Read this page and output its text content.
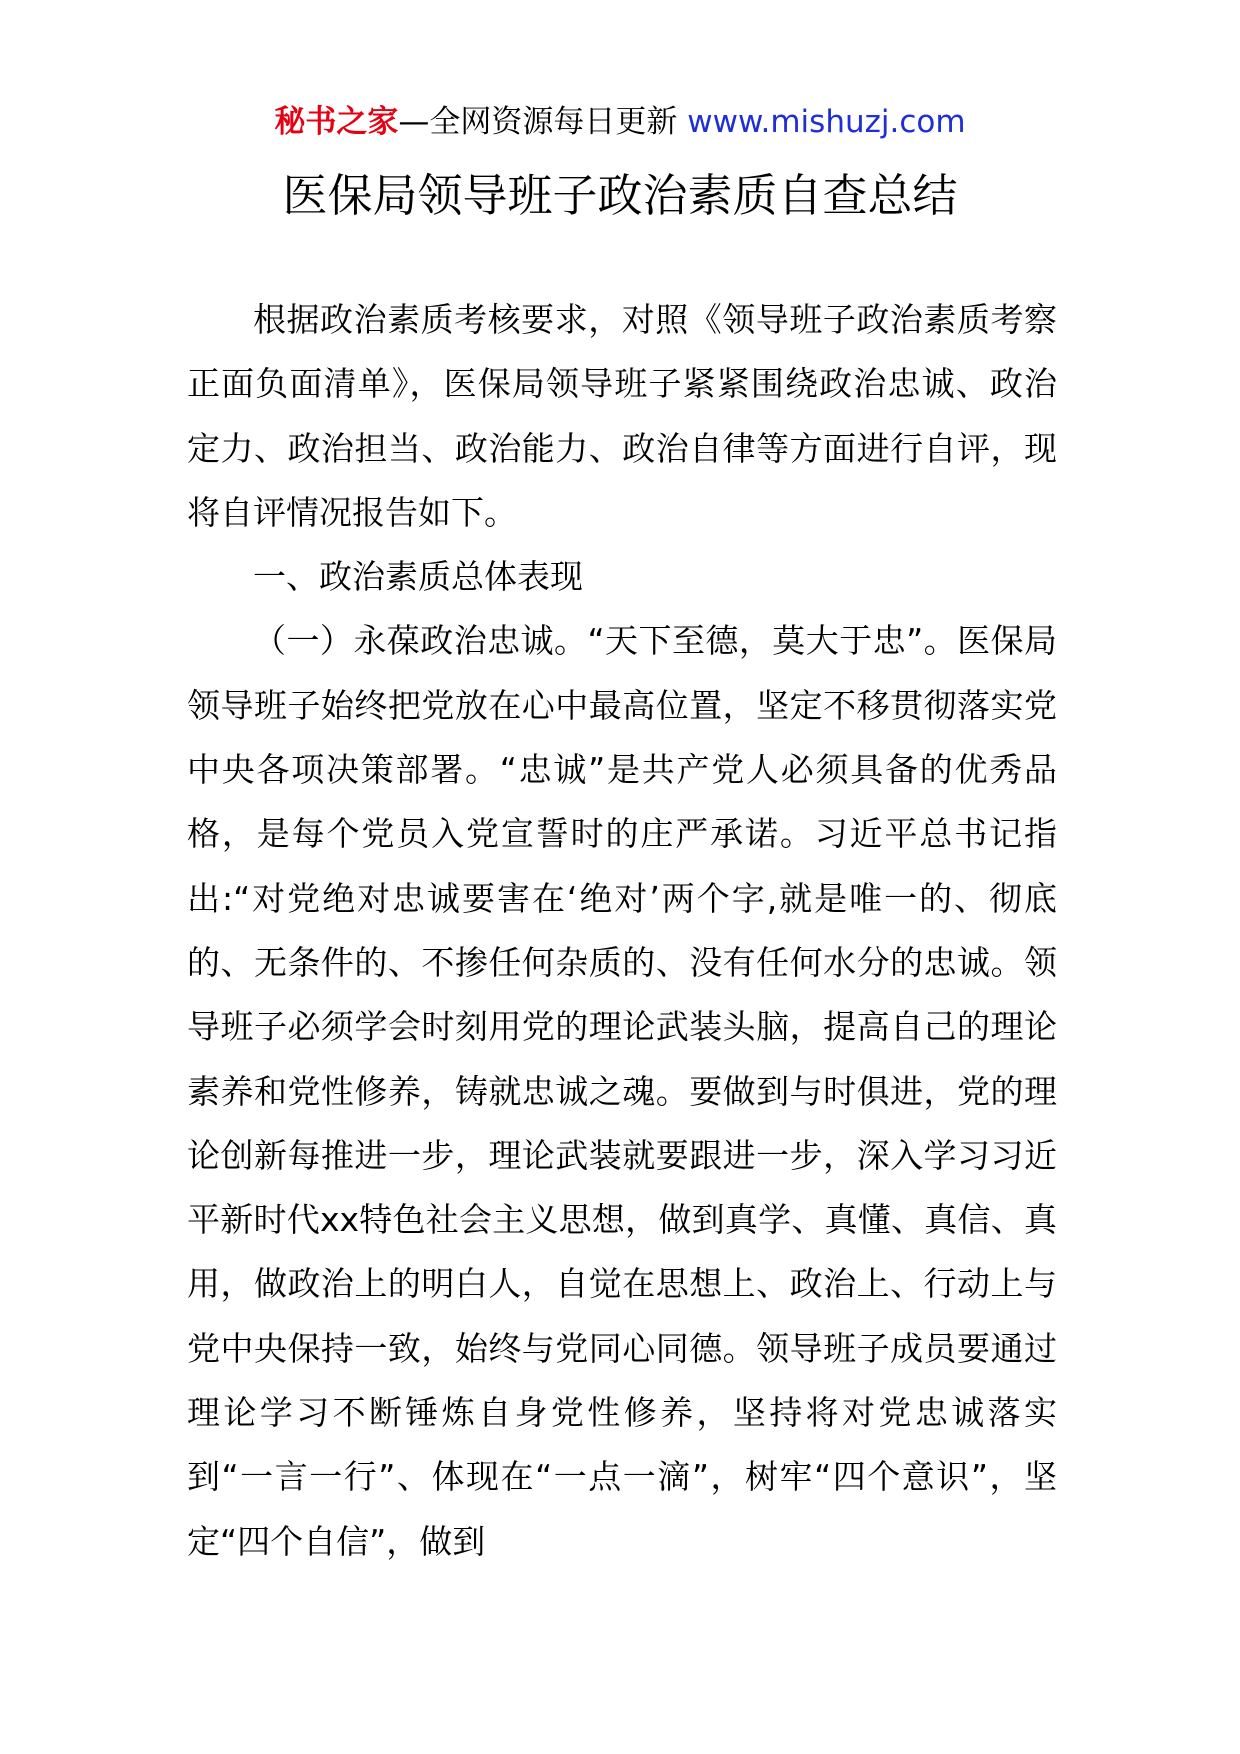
秘书之家—全网资源每日更新 www.mishuzj.com
医保局领导班子政治素质自查总结

根据政治素质考核要求，对照《领导班子政治素质考察正面负面清单》，医保局领导班子紧紧围绕政治忠诚、政治定力、政治担当、政治能力、政治自律等方面进行自评，现将自评情况报告如下。

一、政治素质总体表现

（一）永葆政治忠诚。“天下至德，莫大于忠”。医保局领导班子始终把党放在心中最高位置，坚定不移贯彻落实党中央各项决策部署。“忠诚”是共产党人必须具备的优秀品格，是每个党员入党宣誓时的庄严承诺。习近平总书记指出:“对党绝对忠诚要害在‘绝对’两个字,就是唯一的、彻底的、无条件的、不掺任何杂质的、没有任何水分的忠诚。领导班子必须学会时刻用党的理论武装头脑，提高自己的理论素养和党性修养，铸就忠诚之魂。要做到与时俱进，党的理论创新每推进一步，理论武装就要跟进一步，深入学习习近平新时代xx特色社会主义思想，做到真学、真懂、真信、真用，做政治上的明白人，自觉在思想上、政治上、行动上与党中央保持一致，始终与党同心同德。领导班子成员要通过理论学习不断锤炼自身党性修养，坚持将对党忠诚落实到“一言一行”、体现在“一点一滴”，树牢“四个意识”，坚定“四个自信”，做到
